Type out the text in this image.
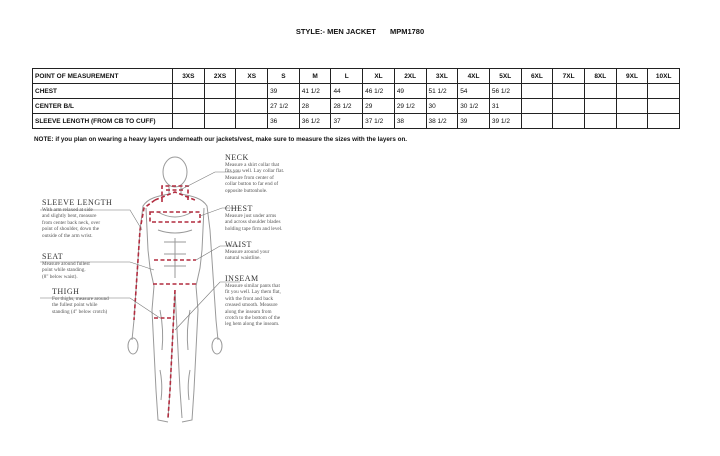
STYLE:- MEN JACKET MPM1780
POINT OF MEASUREMENT	3XS	2XS	XS	S	M	L	XL	2XL	3XL	4XL	5XL	6XL	7XL	8XL	9XL	10XL
CHEST				39	41 1/2	44	46 1/2	49	51 1/2	54	56 1/2					
CENTER B/L				27 1/2	28	28 1/2	29	29 1/2	30	30 1/2	31					
SLEEVE LENGTH (FROM CB TO CUFF)				36	36 1/2	37	37 1/2	38	38 1/2	39	39 1/2					
NOTE: if you plan on wearing a heavy layers underneath our jackets/vest, make sure to measure the sizes with the layers on.
NECK
Measure a shirt collar that
fits you well. Lay collar flat.
Measure from center of
collar button to far end of
opposite buttonhole.
CHEST
Measure just under arms
and across shoulder blades
holding tape firm and level.
WAIST
Measure around your
natural waistline.
INSEAM
Measure similar pants that
fit you well. Lay them flat,
with the front and back
creased smooth. Measure
along the inseam from
crotch to the bottom of the
leg hem along the inseam.
SLEEVE LENGTH
With arm relaxed at side
and slightly bent, measure
from center back neck, over
point of shoulder, down the
outside of the arm wrist.
SEAT
Measure around fullest
point while standing.
(8" below waist).
THIGH
For thighs, measure around
the fullest point while
standing (4" below crotch)
